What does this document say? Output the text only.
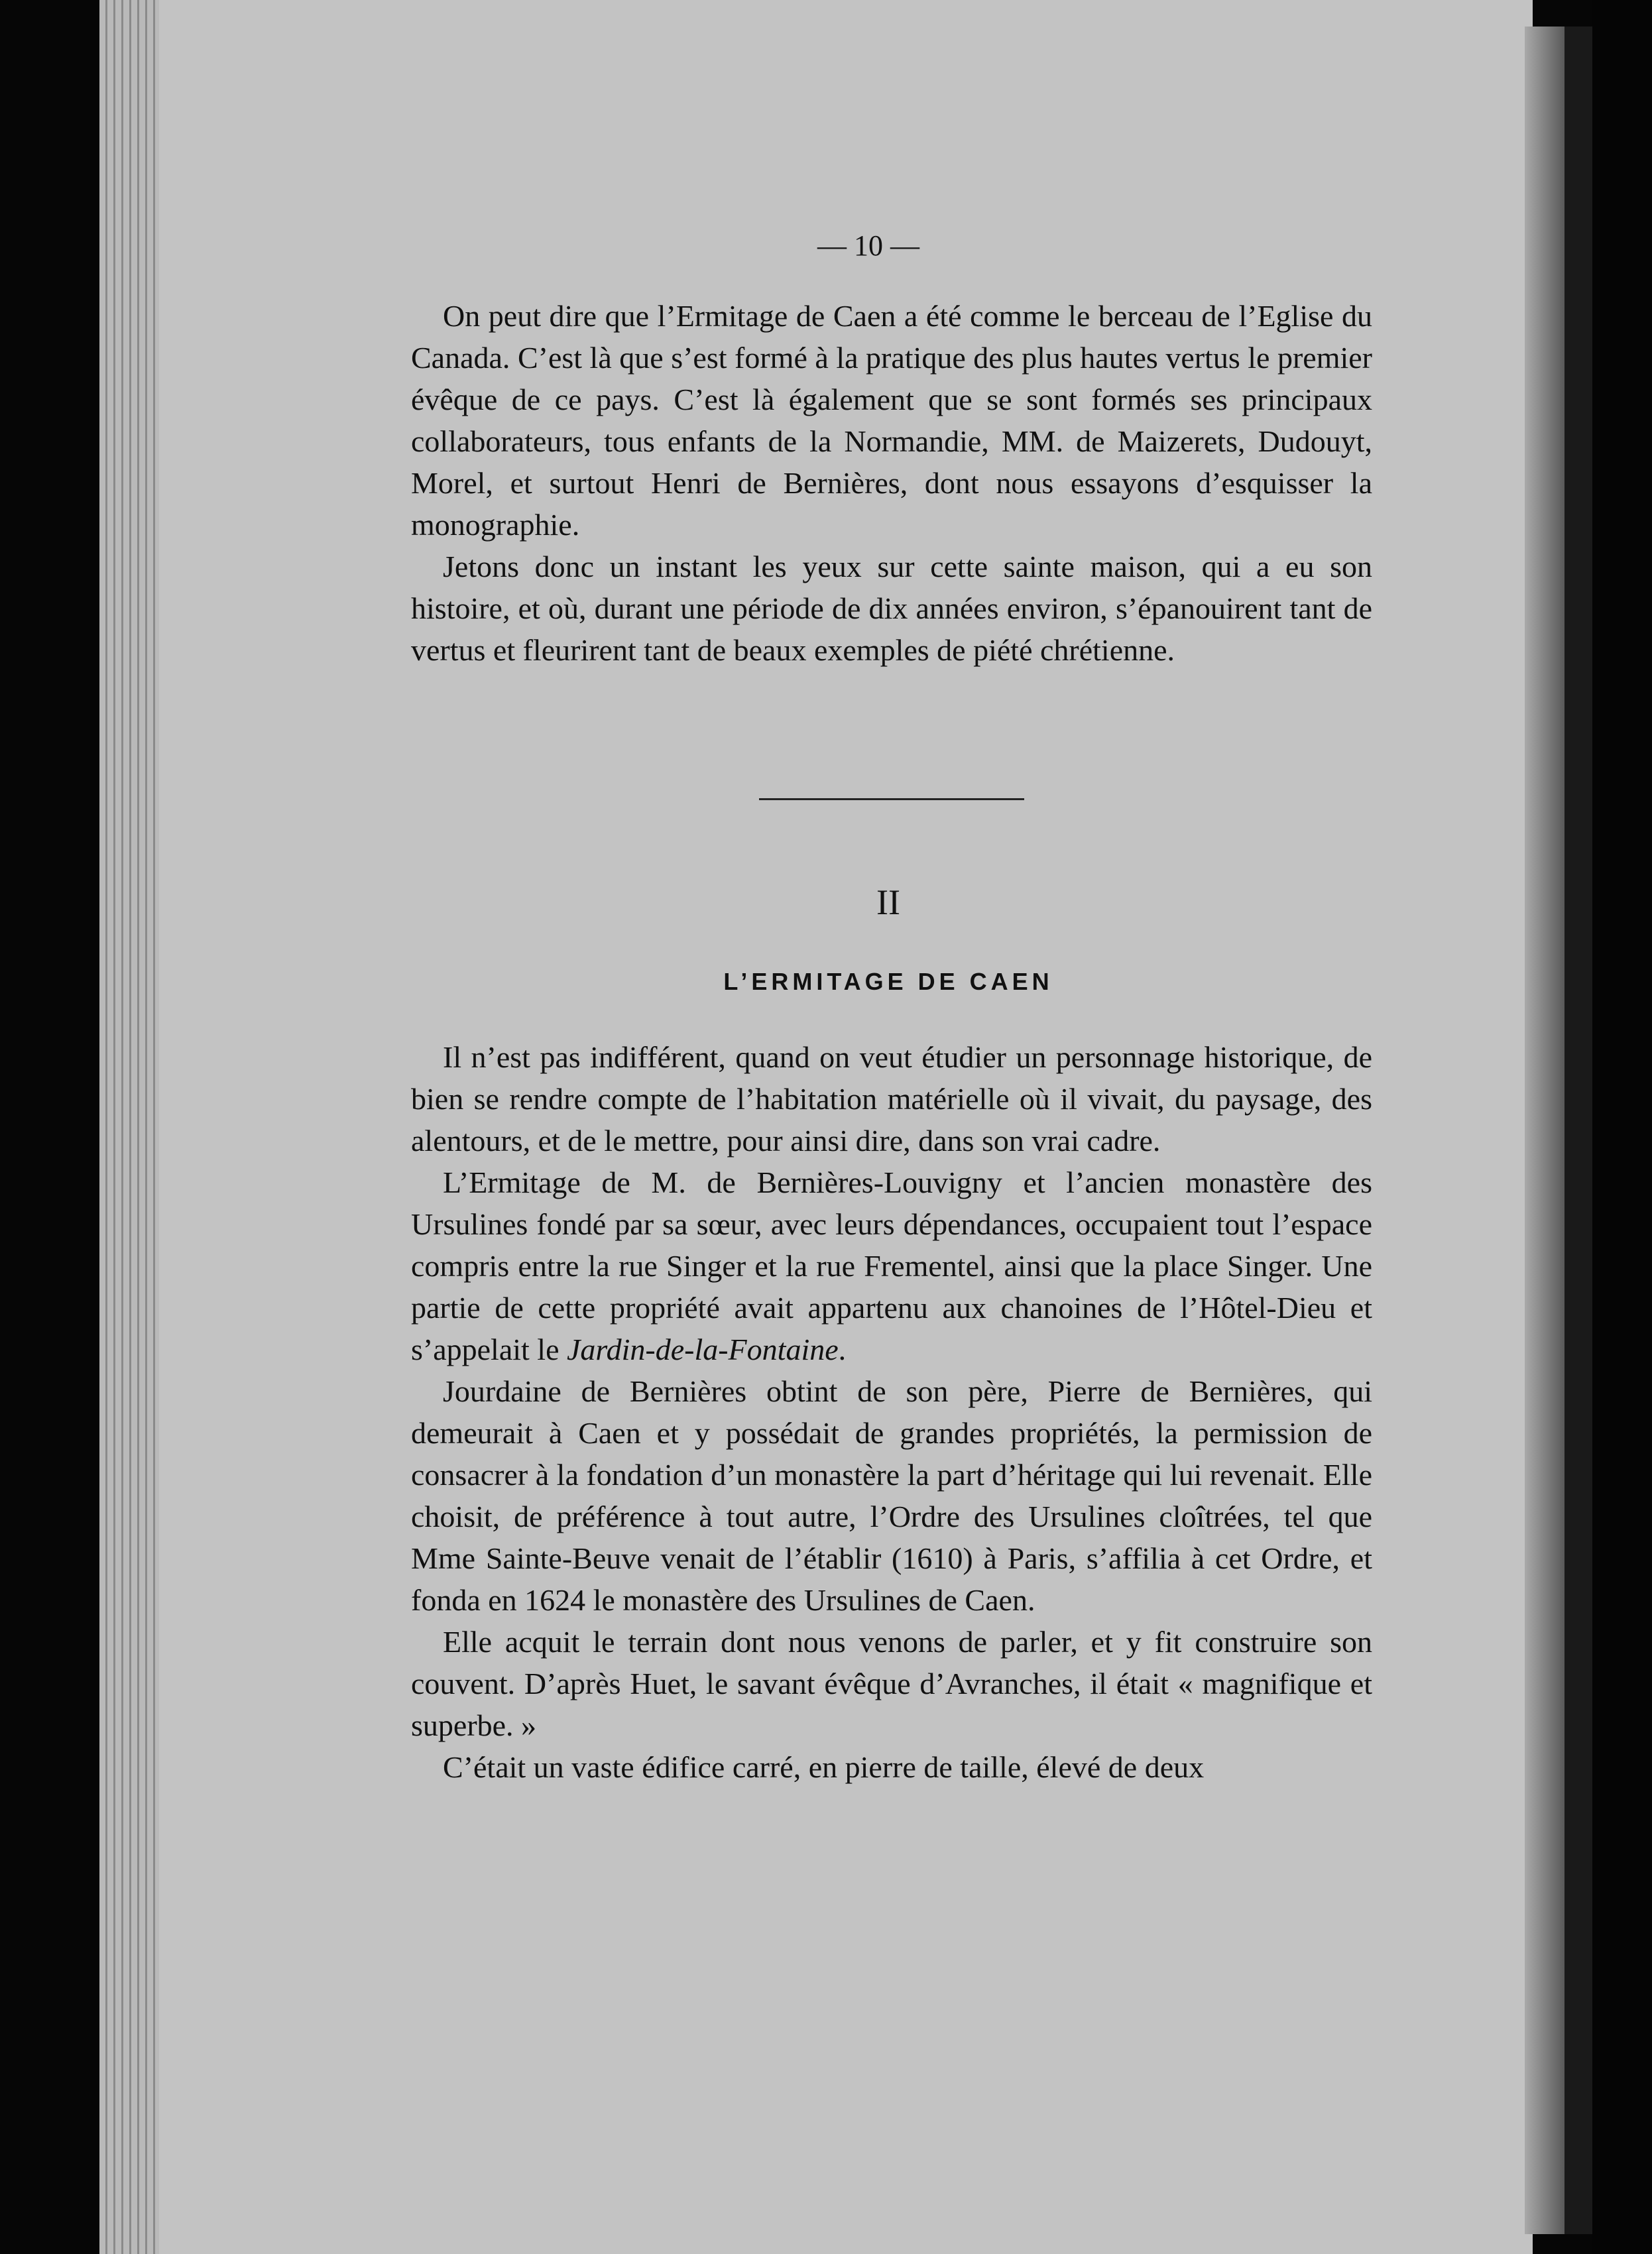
— 10 —

On peut dire que l’Ermitage de Caen a été comme le berceau de l’Eglise du Canada. C’est là que s’est formé à la pratique des plus hautes vertus le premier évêque de ce pays. C’est là également que se sont formés ses principaux collaborateurs, tous enfants de la Normandie, MM. de Maizerets, Dudouyt, Morel, et surtout Henri de Bernières, dont nous essayons d’esquisser la monographie.

Jetons donc un instant les yeux sur cette sainte maison, qui a eu son histoire, et où, durant une période de dix années environ, s’épanouirent tant de vertus et fleurirent tant de beaux exemples de piété chrétienne.

II
L’ERMITAGE DE CAEN

Il n’est pas indifférent, quand on veut étudier un personnage historique, de bien se rendre compte de l’habitation matérielle où il vivait, du paysage, des alentours, et de le mettre, pour ainsi dire, dans son vrai cadre.

L’Ermitage de M. de Bernières-Louvigny et l’ancien monastère des Ursulines fondé par sa sœur, avec leurs dépendances, occupaient tout l’espace compris entre la rue Singer et la rue Frementel, ainsi que la place Singer. Une partie de cette propriété avait appartenu aux chanoines de l’Hôtel-Dieu et s’appelait le Jardin-de-la-Fontaine.

Jourdaine de Bernières obtint de son père, Pierre de Bernières, qui demeurait à Caen et y possédait de grandes propriétés, la permission de consacrer à la fondation d’un monastère la part d’héritage qui lui revenait. Elle choisit, de préférence à tout autre, l’Ordre des Ursulines cloîtrées, tel que Mme Sainte-Beuve venait de l’établir (1610) à Paris, s’affilia à cet Ordre, et fonda en 1624 le monastère des Ursulines de Caen.

Elle acquit le terrain dont nous venons de parler, et y fit construire son couvent. D’après Huet, le savant évêque d’Avranches, il était « magnifique et superbe. »

C’était un vaste édifice carré, en pierre de taille, élevé de deux
